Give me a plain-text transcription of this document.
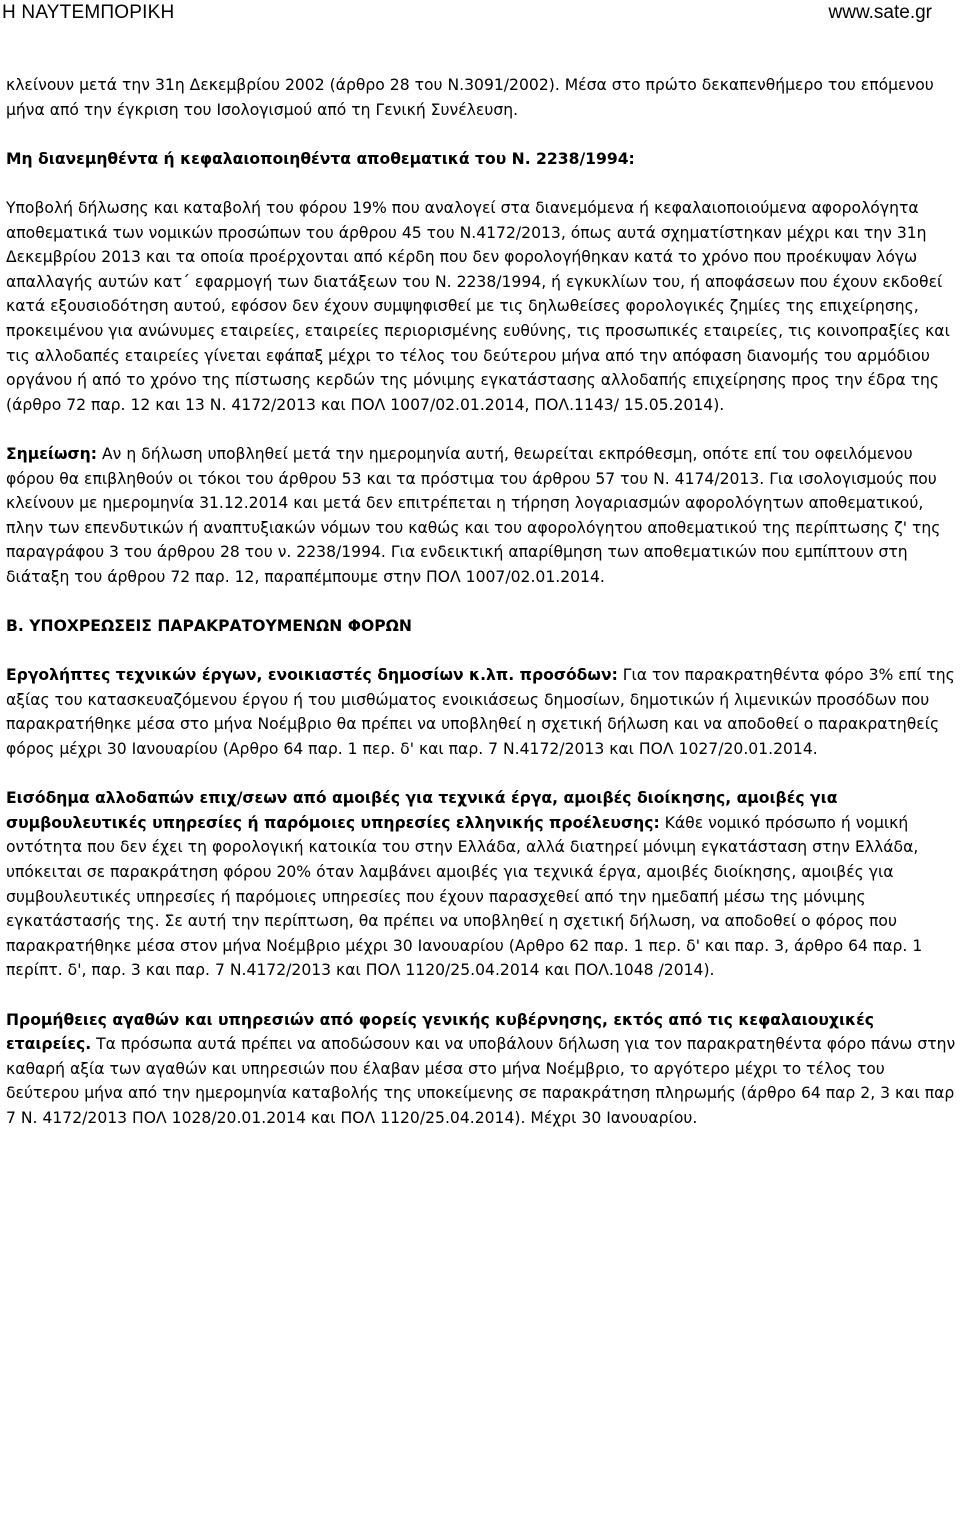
Η ΝΑΥΤΕΜΠΟΡΙΚΗ	www.sate.gr

κλείνουν μετά την 31η Δεκεμβρίου 2002 (άρθρο 28 του Ν.3091/2002). Μέσα στο πρώτο δεκαπενθήμερο του επόμενου μήνα από την έγκριση του Ισολογισμού από τη Γενική Συνέλευση.

Μη διανεμηθέντα ή κεφαλαιοποιηθέντα αποθεματικά του Ν. 2238/1994:

Υποβολή δήλωσης και καταβολή του φόρου 19% που αναλογεί στα διανεμόμενα ή κεφαλαιοποιούμενα αφορολόγητα αποθεματικά των νομικών προσώπων του άρθρου 45 του Ν.4172/2013, όπως αυτά σχηματίστηκαν μέχρι και την 31η Δεκεμβρίου 2013 και τα οποία προέρχονται από κέρδη που δεν φορολογήθηκαν κατά το χρόνο που προέκυψαν λόγω απαλλαγής αυτών κατ΄ εφαρμογή των διατάξεων του Ν. 2238/1994, ή εγκυκλίων του, ή αποφάσεων που έχουν εκδοθεί κατά εξουσιοδότηση αυτού, εφόσον δεν έχουν συμψηφισθεί με τις δηλωθείσες φορολογικές ζημίες της επιχείρησης, προκειμένου για ανώνυμες εταιρείες, εταιρείες περιορισμένης ευθύνης, τις προσωπικές εταιρείες, τις κοινοπραξίες και τις αλλοδαπές εταιρείες γίνεται εφάπαξ μέχρι το τέλος του δεύτερου μήνα από την απόφαση διανομής του αρμόδιου οργάνου ή από το χρόνο της πίστωσης κερδών της μόνιμης εγκατάστασης αλλοδαπής επιχείρησης προς την έδρα της (άρθρο 72 παρ. 12 και 13 Ν. 4172/2013 και ΠΟΛ 1007/02.01.2014, ΠΟΛ.1143/ 15.05.2014).

Σημείωση: Αν η δήλωση υποβληθεί μετά την ημερομηνία αυτή, θεωρείται εκπρόθεσμη, οπότε επί του οφειλόμενου φόρου θα επιβληθούν οι τόκοι του άρθρου 53 και τα πρόστιμα του άρθρου 57 του Ν. 4174/2013. Για ισολογισμούς που κλείνουν με ημερομηνία 31.12.2014 και μετά δεν επιτρέπεται η τήρηση λογαριασμών αφορολόγητων αποθεματικού, πλην των επενδυτικών ή αναπτυξιακών νόμων του καθώς και του αφορολόγητου αποθεματικού της περίπτωσης ζ' της παραγράφου 3 του άρθρου 28 του ν. 2238/1994. Για ενδεικτική απαρίθμηση των αποθεματικών που εμπίπτουν στη διάταξη του άρθρου 72 παρ. 12, παραπέμπουμε στην ΠΟΛ 1007/02.01.2014.

Β. ΥΠΟΧΡΕΩΣΕΙΣ ΠΑΡΑΚΡΑΤΟΥΜΕΝΩΝ ΦΟΡΩΝ

Εργολήπτες τεχνικών έργων, ενοικιαστές δημοσίων κ.λπ. προσόδων: Για τον παρακρατηθέντα φόρο 3% επί της αξίας του κατασκευαζόμενου έργου ή του μισθώματος ενοικιάσεως δημοσίων, δημοτικών ή λιμενικών προσόδων που παρακρατήθηκε μέσα στο μήνα Νοέμβριο θα πρέπει να υποβληθεί η σχετική δήλωση και να αποδοθεί ο παρακρατηθείς φόρος μέχρι 30 Ιανουαρίου (Αρθρο 64 παρ. 1 περ. δ' και παρ. 7 Ν.4172/2013 και ΠΟΛ 1027/20.01.2014.

Εισόδημα αλλοδαπών επιχ/σεων από αμοιβές για τεχνικά έργα, αμοιβές διοίκησης, αμοιβές για συμβουλευτικές υπηρεσίες ή παρόμοιες υπηρεσίες ελληνικής προέλευσης: Κάθε νομικό πρόσωπο ή νομική οντότητα που δεν έχει τη φορολογική κατοικία του στην Ελλάδα, αλλά διατηρεί μόνιμη εγκατάσταση στην Ελλάδα, υπόκειται σε παρακράτηση φόρου 20% όταν λαμβάνει αμοιβές για τεχνικά έργα, αμοιβές διοίκησης, αμοιβές για συμβουλευτικές υπηρεσίες ή παρόμοιες υπηρεσίες που έχουν παρασχεθεί από την ημεδαπή μέσω της μόνιμης εγκατάστασής της. Σε αυτή την περίπτωση, θα πρέπει να υποβληθεί η σχετική δήλωση, να αποδοθεί ο φόρος που παρακρατήθηκε μέσα στον μήνα Νοέμβριο μέχρι 30 Ιανουαρίου (Αρθρο 62 παρ. 1 περ. δ' και παρ. 3, άρθρο 64 παρ. 1 περίπτ. δ', παρ. 3 και παρ. 7 Ν.4172/2013 και ΠΟΛ 1120/25.04.2014 και ΠΟΛ.1048 /2014).

Προμήθειες αγαθών και υπηρεσιών από φορείς γενικής κυβέρνησης, εκτός από τις κεφαλαιουχικές εταιρείες. Τα πρόσωπα αυτά πρέπει να αποδώσουν και να υποβάλουν δήλωση για τον παρακρατηθέντα φόρο πάνω στην καθαρή αξία των αγαθών και υπηρεσιών που έλαβαν μέσα στο μήνα Νοέμβριο, το αργότερο μέχρι το τέλος του δεύτερου μήνα από την ημερομηνία καταβολής της υποκείμενης σε παρακράτηση πληρωμής (άρθρο 64 παρ 2, 3 και παρ 7 Ν. 4172/2013 ΠΟΛ 1028/20.01.2014 και ΠΟΛ 1120/25.04.2014). Μέχρι 30 Ιανουαρίου.
